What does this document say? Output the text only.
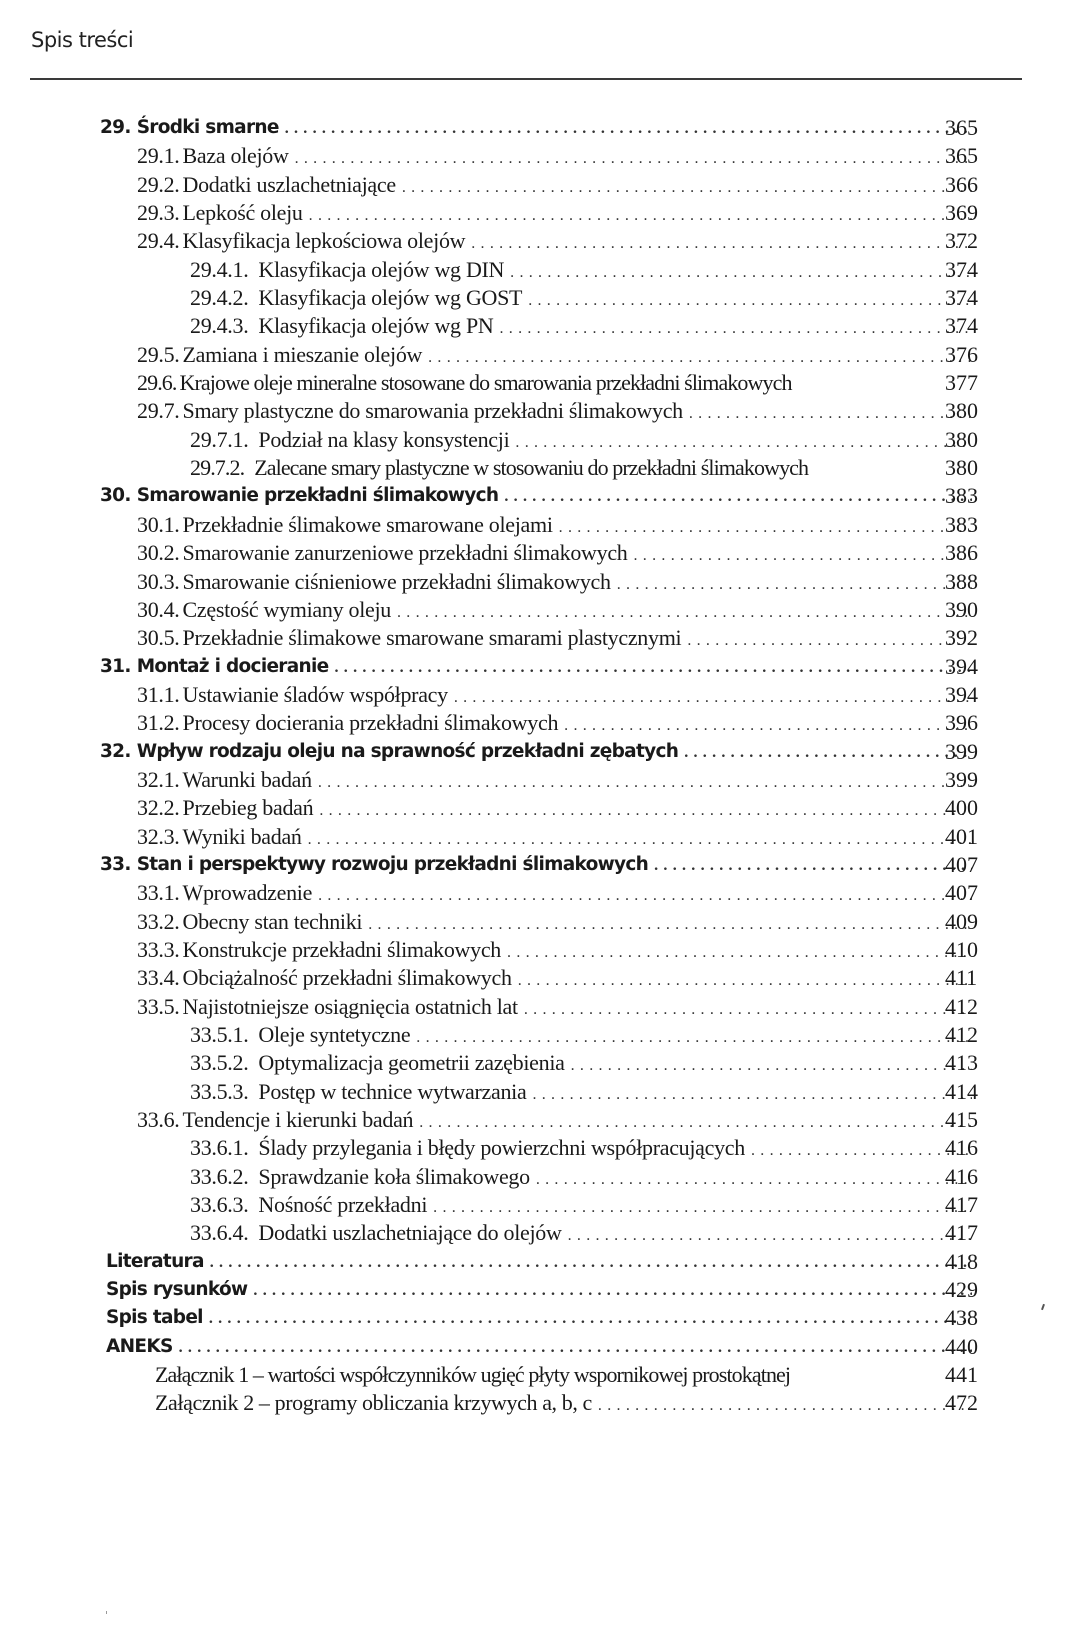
Spis treści
29. Środki smarne .....	365
29.1. Baza olejów .....	365
29.2. Dodatki uszlachetniające .....	366
29.3. Lepkość oleju .....	369
29.4. Klasyfikacja lepkościowa olejów .....	372
29.4.1. Klasyfikacja olejów wg DIN .....	374
29.4.2. Klasyfikacja olejów wg GOST .....	374
29.4.3. Klasyfikacja olejów wg PN .....	374
29.5. Zamiana i mieszanie olejów .....	376
29.6. Krajowe oleje mineralne stosowane do smarowania przekładni ślimakowych	377
29.7. Smary plastyczne do smarowania przekładni ślimakowych .....	380
29.7.1. Podział na klasy konsystencji .....	380
29.7.2. Zalecane smary plastyczne w stosowaniu do przekładni ślimakowych	380
30. Smarowanie przekładni ślimakowych .....	383
30.1. Przekładnie ślimakowe smarowane olejami .....	383
30.2. Smarowanie zanurzeniowe przekładni ślimakowych .....	386
30.3. Smarowanie ciśnieniowe przekładni ślimakowych .....	388
30.4. Częstość wymiany oleju .....	390
30.5. Przekładnie ślimakowe smarowane smarami plastycznymi .....	392
31. Montaż i docieranie .....	394
31.1. Ustawianie śladów współpracy .....	394
31.2. Procesy docierania przekładni ślimakowych .....	396
32. Wpływ rodzaju oleju na sprawność przekładni zębatych .....	399
32.1. Warunki badań .....	399
32.2. Przebieg badań .....	400
32.3. Wyniki badań .....	401
33. Stan i perspektywy rozwoju przekładni ślimakowych .....	407
33.1. Wprowadzenie .....	407
33.2. Obecny stan techniki .....	409
33.3. Konstrukcje przekładni ślimakowych .....	410
33.4. Obciążalność przekładni ślimakowych .....	411
33.5. Najistotniejsze osiągnięcia ostatnich lat .....	412
33.5.1. Oleje syntetyczne .....	412
33.5.2. Optymalizacja geometrii zazębienia .....	413
33.5.3. Postęp w technice wytwarzania .....	414
33.6. Tendencje i kierunki badań .....	415
33.6.1. Ślady przylegania i błędy powierzchni współpracujących .....	416
33.6.2. Sprawdzanie koła ślimakowego .....	416
33.6.3. Nośność przekładni .....	417
33.6.4. Dodatki uszlachetniające do olejów .....	417
Literatura .....	418
Spis rysunków .....	429
Spis tabel .....	438
ANEKS .....	440
Załącznik 1 – wartości współczynników ugięć płyty wspornikowej prostokątnej	441
Załącznik 2 – programy obliczania krzywych a, b, c .....	472
